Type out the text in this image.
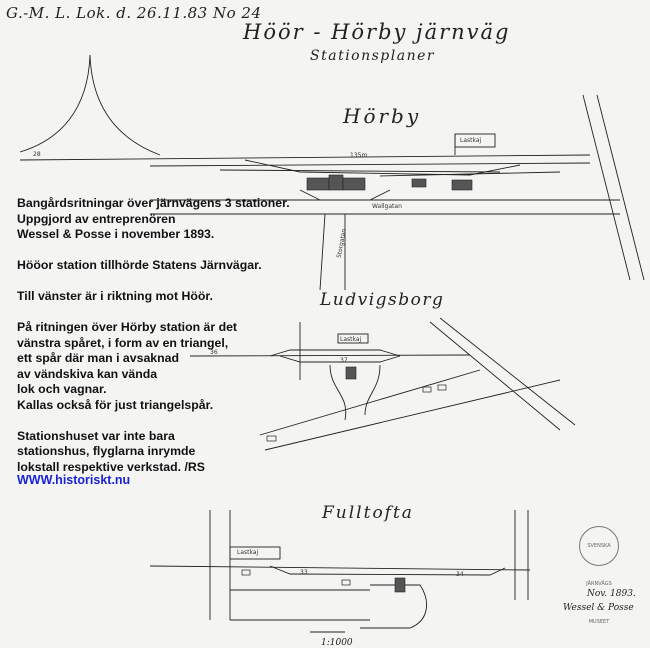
G.-M. L. Lok. d. 26.11.83 No 24
Höör - Hörby järnväg
Stationsplaner
Hörby
Ludvigsborg
Fulltofta
Lastkaj
Wallgatan
Storgatan
28	135m
Lastkaj
36
37
Lastkaj
33	34
SVENSKA JÄRNVÄGS MUSEET
Nov. 1893.
Wessel & Posse
1:1000
Bangårdsritningar över järnvägens 3 stationer.
Uppgjord av entreprenören
Wessel & Posse i november 1893.
Hööor station tillhörde Statens Järnvägar.
Till vänster är i riktning mot Höör.
På ritningen över Hörby station är det
vänstra spåret, i form av en triangel,
ett spår där man i avsaknad
av vändskiva kan vända
lok och vagnar.
Kallas också för just triangelspår.
Stationshuset var inte bara
stationshus, flyglarna inrymde
lokstall respektive verkstad. /RS
WWW.historiskt.nu
